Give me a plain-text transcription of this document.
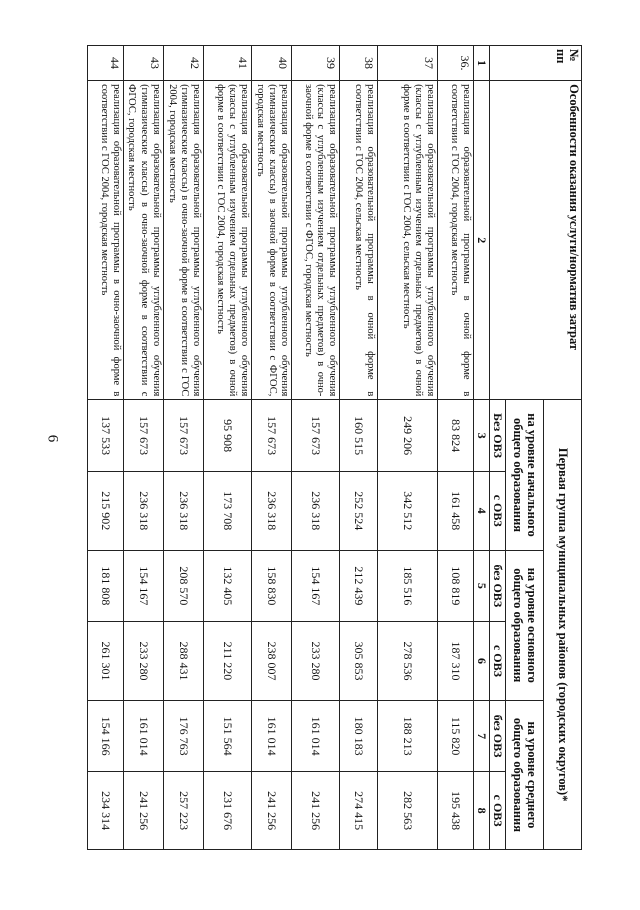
6
№
пп	Особенности оказания услуги/норматив затрат	Первая группа муниципальных районов (городских округов)*					
		на уровне начального общего образования		на уровне основного общего образования		на уровне среднего общего образования	
		Без ОВЗ	с ОВЗ	без ОВЗ	с ОВЗ	без ОВЗ	с ОВЗ
1	2	3	4	5	6	7	8
36.	реализация образовательной программы в очной форме в соответствии с ГОС 2004, городская местность	83 824	161 458	108 819	187 310	115 820	195 438
37	реализация образовательной программы углубленного обучения (классы с углубленным изучением отдельных предметов) в очной форме в соответствии с ГОС 2004, сельская местность	249 206	342 512	185 516	278 536	188 213	282 563
38	реализация образовательной программы в очной форме в соответствии с ГОС 2004, сельская местность	160 515	252 524	212 439	305 853	180 183	274 415
39	реализация образовательной программы углубленного обучения (классы с углубленным изучением отдельных предметов) в очно-заочной форме в соответствии с ФГОС, городская местность	157 673	236 318	154 167	233 280	161 014	241 256
40	реализация образовательной программы углубленного обучения (гимназические классы) в заочной форме в соответствии с ФГОС, городская местность	157 673	236 318	158 830	238 007	161 014	241 256
41	реализация образовательной программы углубленного обучения (классы с углубленным изучением отдельных предметов) в очной форме в соответствии с ГОС 2004, городская местность	95 908	173 708	132 405	211 220	151 564	231 676
42	реализация образовательной программы углубленного обучения (гимназические классы) в очно-заочной форме в соответствии с ГОС 2004, городская местность	157 673	236 318	208 570	288 431	176 763	257 223
43	реализация образовательной программы углубленного обучения (гимназические классы) в очно-заочной форме в соответствии с ФГОС, городская местность	157 673	236 318	154 167	233 280	161 014	241 256
44	реализация образовательной программы в очно-заочной форме в соответствии с ГОС 2004, городская местность	137 533	215 902	181 808	261 301	154 166	234 314
